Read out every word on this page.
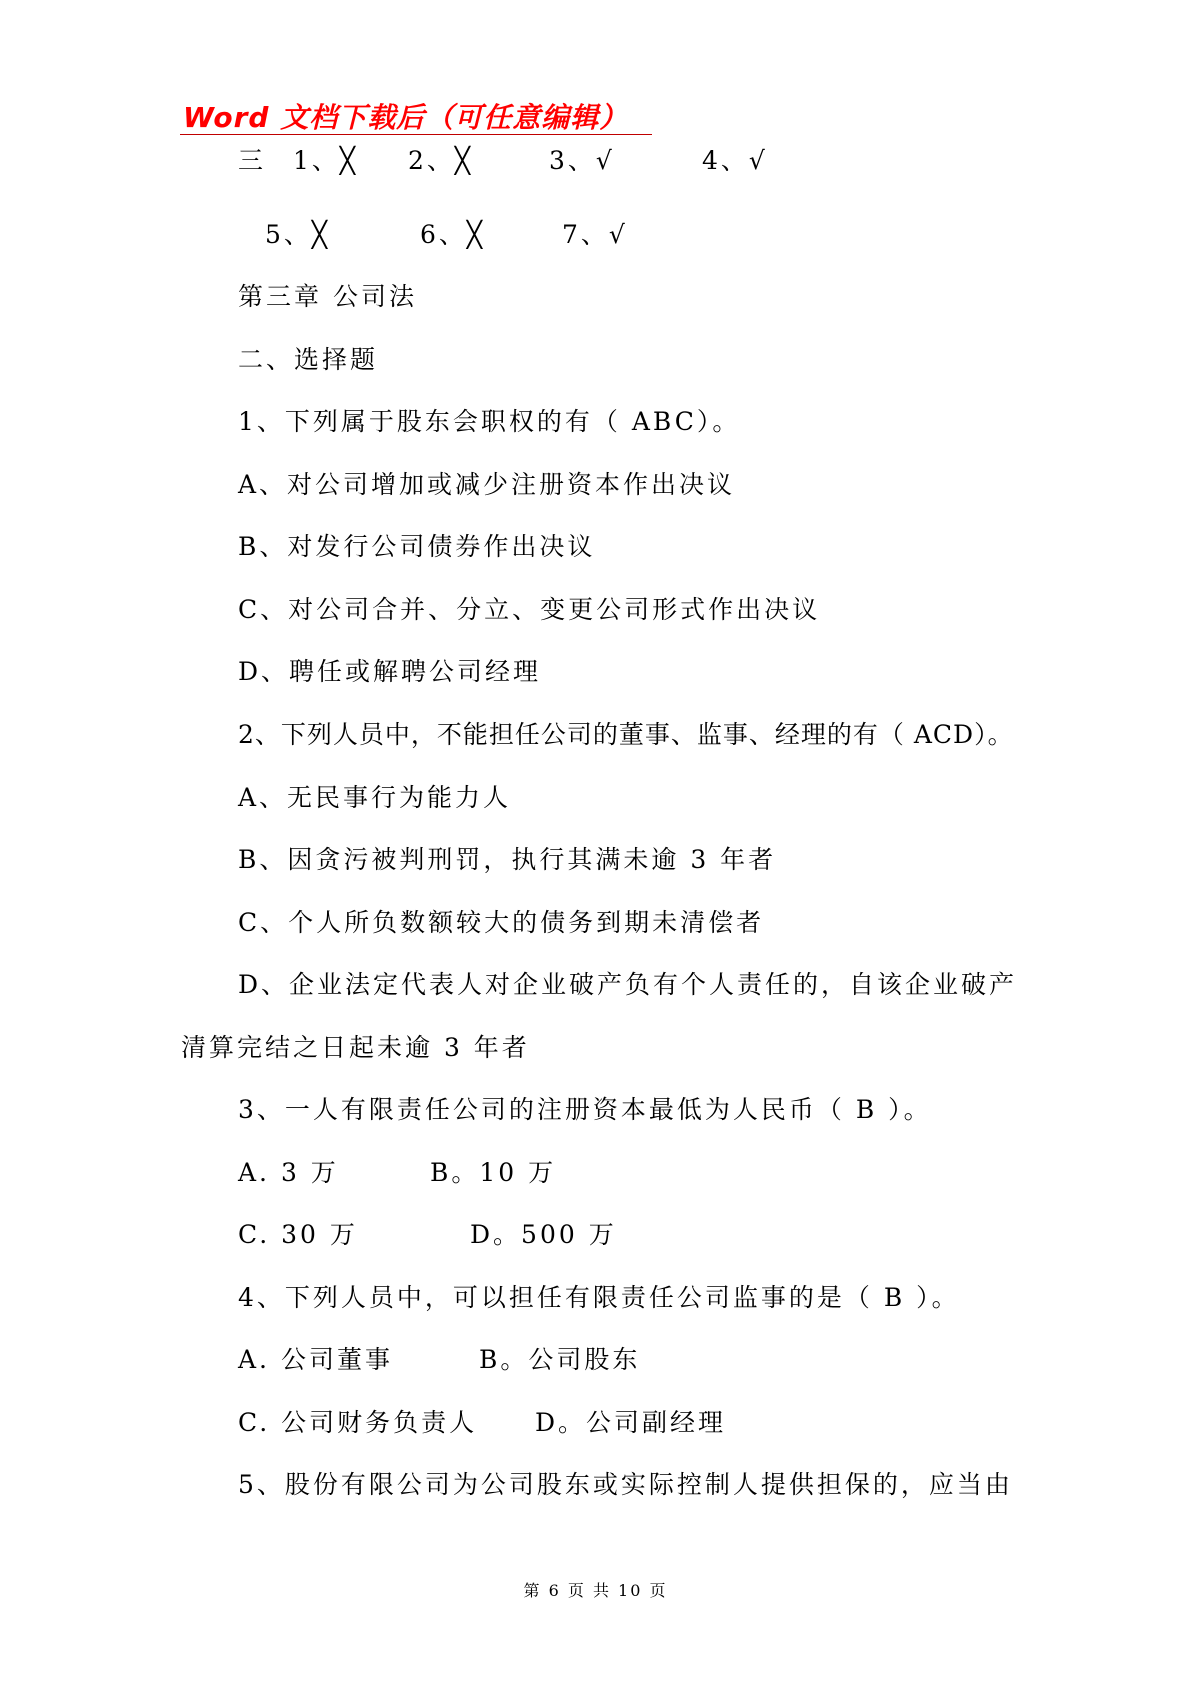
Word 文档下载后（可任意编辑）
三 1、╳ 2、╳	3、√	4、√
5、╳	6、╳	7、√
第三章 公司法
二、选择题
1、下列属于股东会职权的有（ ABC）。
A、对公司增加或减少注册资本作出决议
B、对发行公司债券作出决议
C、对公司合并、分立、变更公司形式作出决议
D、聘任或解聘公司经理
2、下列人员中，不能担任公司的董事、监事、经理的有（ ACD）。
A、无民事行为能力人
B、因贪污被判刑罚，执行其满未逾 3 年者
C、个人所负数额较大的债务到期未清偿者
D、企业法定代表人对企业破产负有个人责任的，自该企业破产
清算完结之日起未逾 3 年者
3、一人有限责任公司的注册资本最低为人民币（ B ）。
A. 3 万	B。10 万
C. 30 万	D。500 万
4、下列人员中，可以担任有限责任公司监事的是（ B ）。
A. 公司董事	B。公司股东
C. 公司财务负责人 D。公司副经理
5、股份有限公司为公司股东或实际控制人提供担保的，应当由
第 6 页 共 10 页
